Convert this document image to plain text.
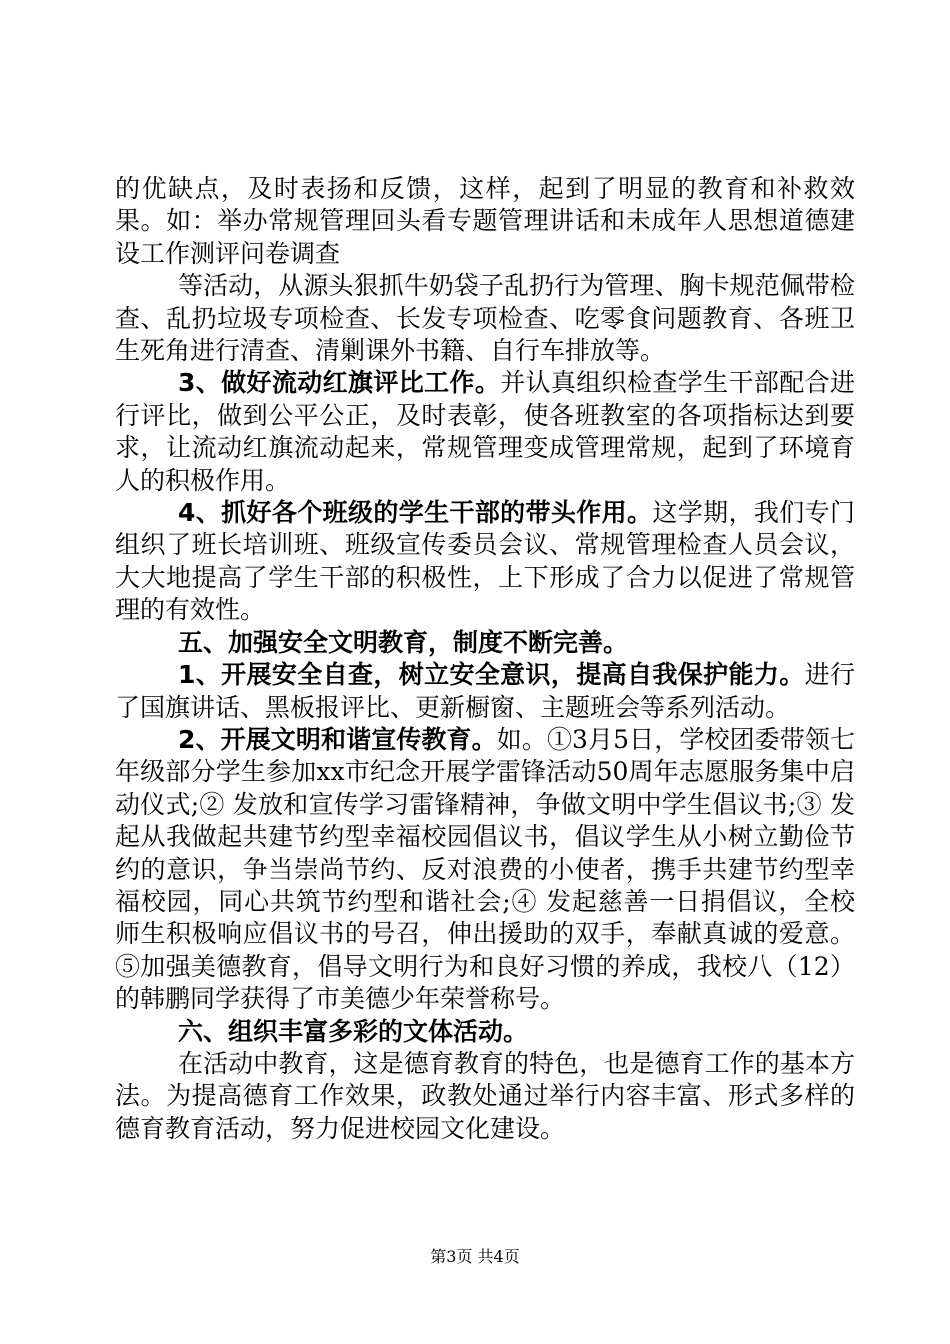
的优缺点，及时表扬和反馈，这样，起到了明显的教育和补救效果。如：举办常规管理回头看专题管理讲话和未成年人思想道德建设工作测评问卷调查

等活动，从源头狠抓牛奶袋子乱扔行为管理、胸卡规范佩带检查、乱扔垃圾专项检查、长发专项检查、吃零食问题教育、各班卫生死角进行清查、清剿课外书籍、自行车排放等。

3、做好流动红旗评比工作。并认真组织检查学生干部配合进行评比，做到公平公正，及时表彰，使各班教室的各项指标达到要求，让流动红旗流动起来，常规管理变成管理常规，起到了环境育人的积极作用。

4、抓好各个班级的学生干部的带头作用。这学期，我们专门组织了班长培训班、班级宣传委员会议、常规管理检查人员会议，大大地提高了学生干部的积极性，上下形成了合力以促进了常规管理的有效性。

五、加强安全文明教育，制度不断完善。

1、开展安全自查，树立安全意识，提高自我保护能力。进行了国旗讲话、黑板报评比、更新橱窗、主题班会等系列活动。

2、开展文明和谐宣传教育。如。①3月5日，学校团委带领七年级部分学生参加xx市纪念开展学雷锋活动50周年志愿服务集中启动仪式;② 发放和宣传学习雷锋精神，争做文明中学生倡议书;③ 发起从我做起共建节约型幸福校园倡议书，倡议学生从小树立勤俭节约的意识，争当崇尚节约、反对浪费的小使者，携手共建节约型幸福校园，同心共筑节约型和谐社会;④ 发起慈善一日捐倡议，全校师生积极响应倡议书的号召，伸出援助的双手，奉献真诚的爱意。⑤加强美德教育，倡导文明行为和良好习惯的养成，我校八（12）的韩鹏同学获得了市美德少年荣誉称号。

六、组织丰富多彩的文体活动。

在活动中教育，这是德育教育的特色，也是德育工作的基本方法。为提高德育工作效果，政教处通过举行内容丰富、形式多样的德育教育活动，努力促进校园文化建设。

第3页 共4页
